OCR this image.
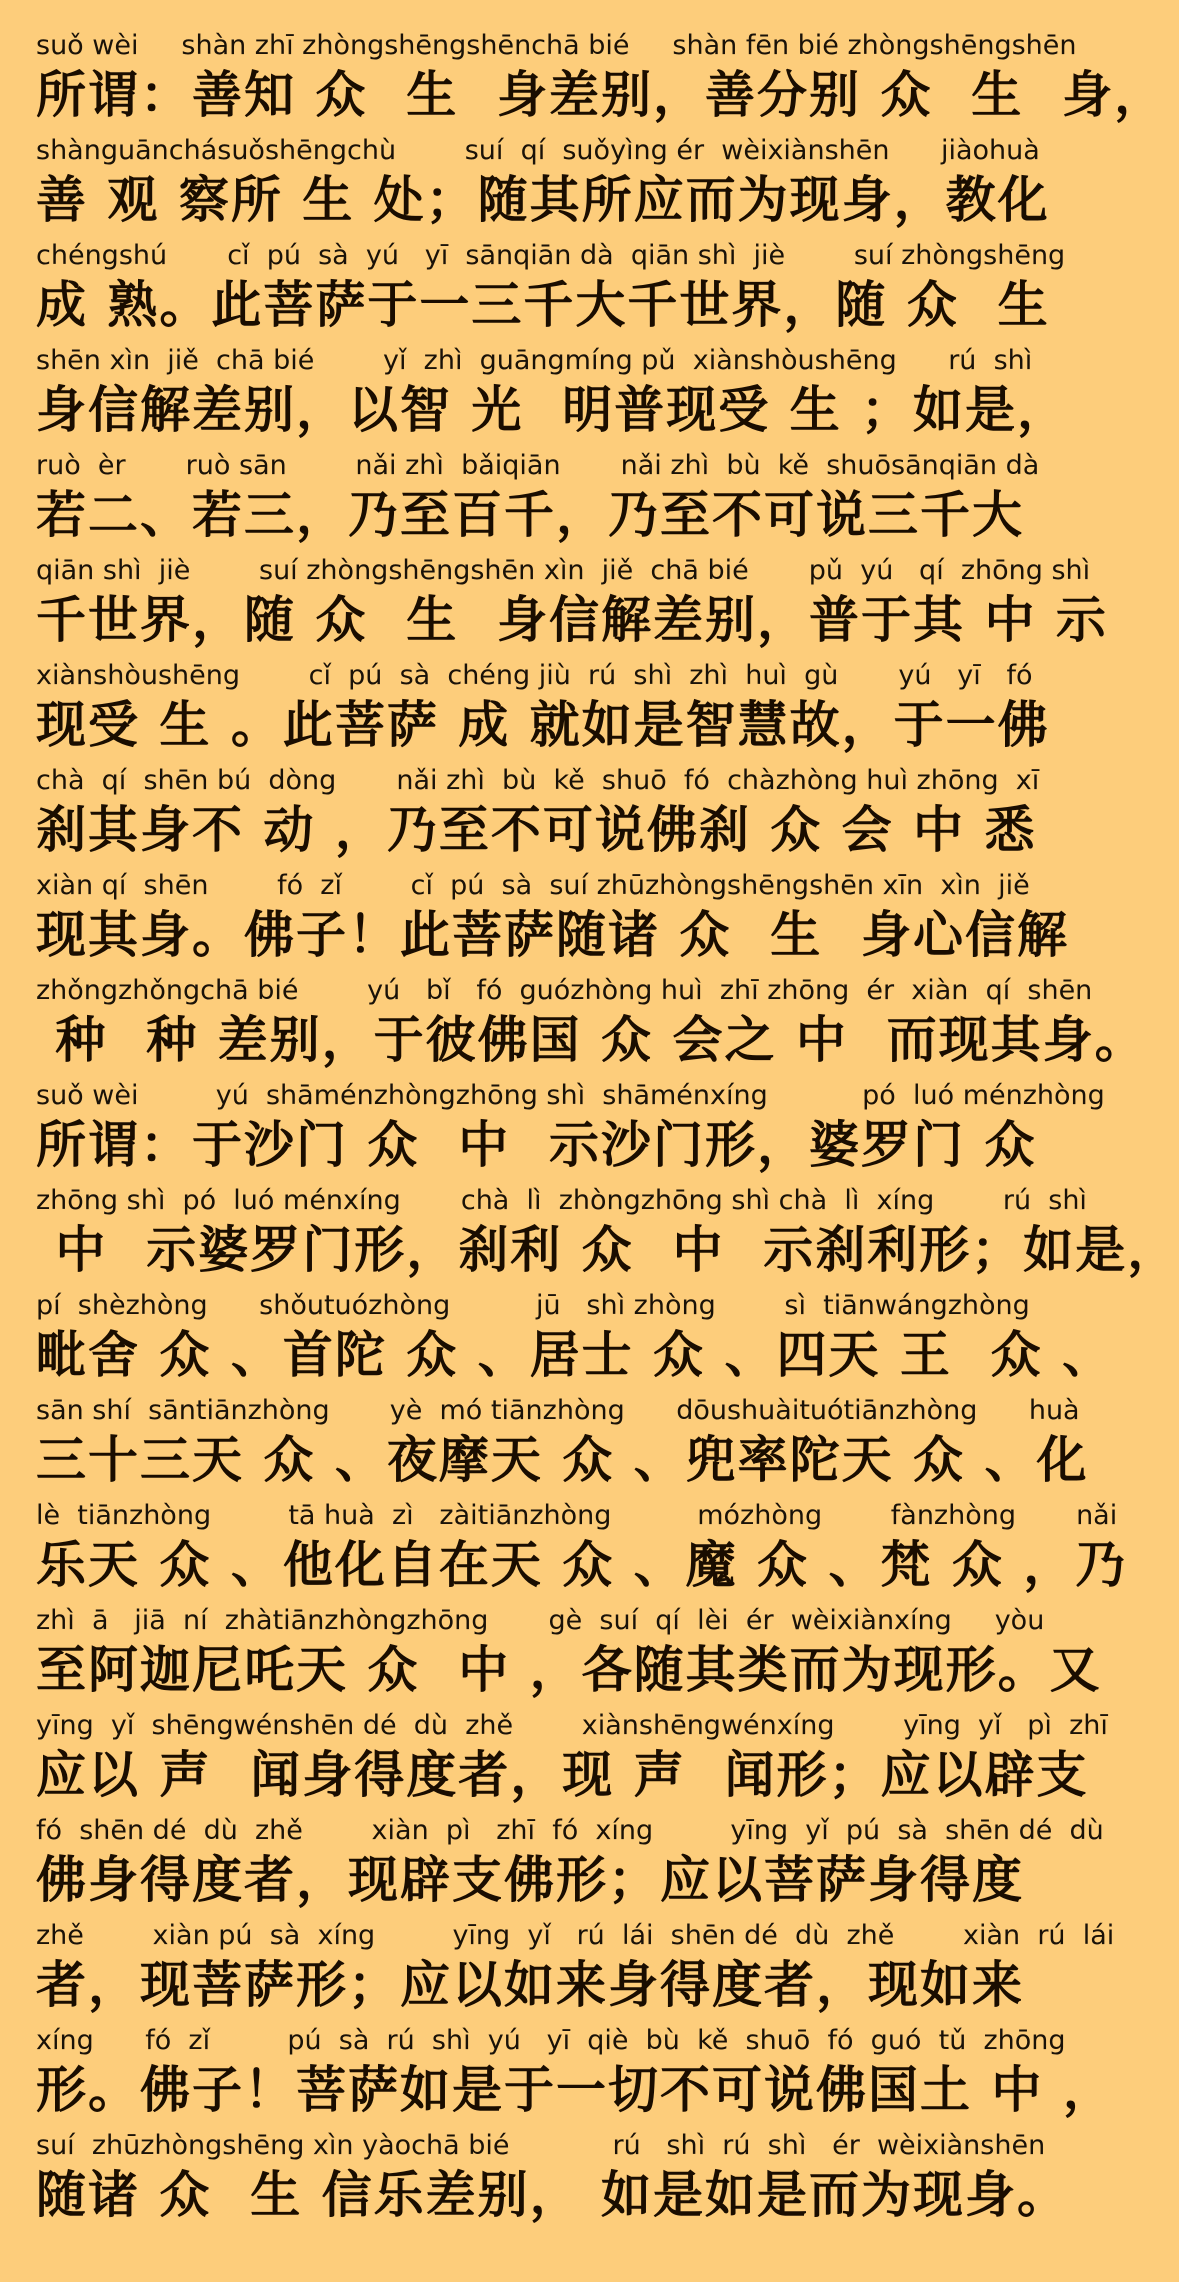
suǒ wèi     shàn zhī zhòngshēngshēnchā bié     shàn fēn bié zhòngshēngshēn
所谓：善知 众  生  身差别，善分别 众  生  身，
shànguānchásuǒshēngchù        suí  qí  suǒyìng ér  wèixiànshēn      jiàohuà
善 观 察所 生 处；随其所应而为现身，教化
chéngshú       cǐ  pú  sà  yú   yī  sānqiān dà  qiān shì  jiè        suí zhòngshēng
成 熟。此菩萨于一三千大千世界，随 众  生
shēn xìn  jiě  chā bié        yǐ  zhì  guāngmíng pǔ  xiànshòushēng      rú  shì
身信解差别，以智 光  明普现受 生 ；如是，
ruò  èr       ruò sān        nǎi zhì  bǎiqiān       nǎi zhì  bù  kě  shuōsānqiān dà
若二、若三，乃至百千，乃至不可说三千大
qiān shì  jiè        suí zhòngshēngshēn xìn  jiě  chā bié       pǔ  yú   qí  zhōng shì
千世界，随 众  生  身信解差别，普于其 中 示
xiànshòushēng        cǐ  pú  sà  chéng jiù  rú  shì  zhì  huì  gù       yú   yī   fó
现受 生 。此菩萨 成 就如是智慧故，于一佛
chà  qí  shēn bú  dòng       nǎi zhì  bù  kě  shuō  fó  chàzhòng huì zhōng  xī
刹其身不 动 ，乃至不可说佛刹 众 会 中 悉
xiàn qí  shēn        fó  zǐ        cǐ  pú  sà  suí zhūzhòngshēngshēn xīn  xìn  jiě
现其身。佛子！此菩萨随诸 众  生  身心信解
zhǒngzhǒngchā bié        yú   bǐ   fó  guózhòng huì  zhī zhōng  ér  xiàn  qí  shēn
种  种 差别，于彼佛国 众 会之 中  而现其身。
suǒ wèi         yú  shāménzhòngzhōng shì  shāménxíng           pó  luó ménzhòng
所谓：于沙门 众  中  示沙门形，婆罗门 众
zhōng shì  pó  luó ménxíng       chà  lì  zhòngzhōng shì chà  lì  xíng        rú  shì
中  示婆罗门形，刹利 众  中  示刹利形；如是，
pí  shèzhòng      shǒutuózhòng          jū   shì zhòng        sì  tiānwángzhòng
毗舍 众 、首陀 众 、居士 众 、四天 王  众 、
sān shí  sāntiānzhòng       yè  mó tiānzhòng      dōushuàituótiānzhòng      huà
三十三天 众 、夜摩天 众 、兜率陀天 众 、化
lè  tiānzhòng         tā huà  zì   zàitiānzhòng          mózhòng        fànzhòng       nǎi
乐天 众 、他化自在天 众 、魔 众 、梵 众 ，乃
zhì  ā   jiā  ní  zhàtiānzhòngzhōng       gè  suí  qí  lèi  ér  wèixiànxíng     yòu
至阿迦尼吒天 众  中 ，各随其类而为现形。又
yīng  yǐ  shēngwénshēn dé  dù  zhě        xiànshēngwénxíng        yīng  yǐ   pì  zhī
应以 声  闻身得度者，现 声  闻形；应以辟支
fó  shēn dé  dù  zhě        xiàn  pì   zhī  fó  xíng         yīng  yǐ  pú  sà  shēn dé  dù
佛身得度者，现辟支佛形；应以菩萨身得度
zhě        xiàn pú  sà  xíng         yīng  yǐ   rú  lái  shēn dé  dù  zhě        xiàn  rú  lái
者，现菩萨形；应以如来身得度者，现如来
xíng      fó  zǐ         pú  sà  rú  shì  yú   yī  qiè  bù  kě  shuō  fó  guó  tǔ  zhōng
形。佛子！菩萨如是于一切不可说佛国土 中 ，
suí  zhūzhòngshēng xìn yàochā bié            rú   shì  rú  shì   ér  wèixiànshēn
随诸 众  生 信乐差别， 如是如是而为现身。
